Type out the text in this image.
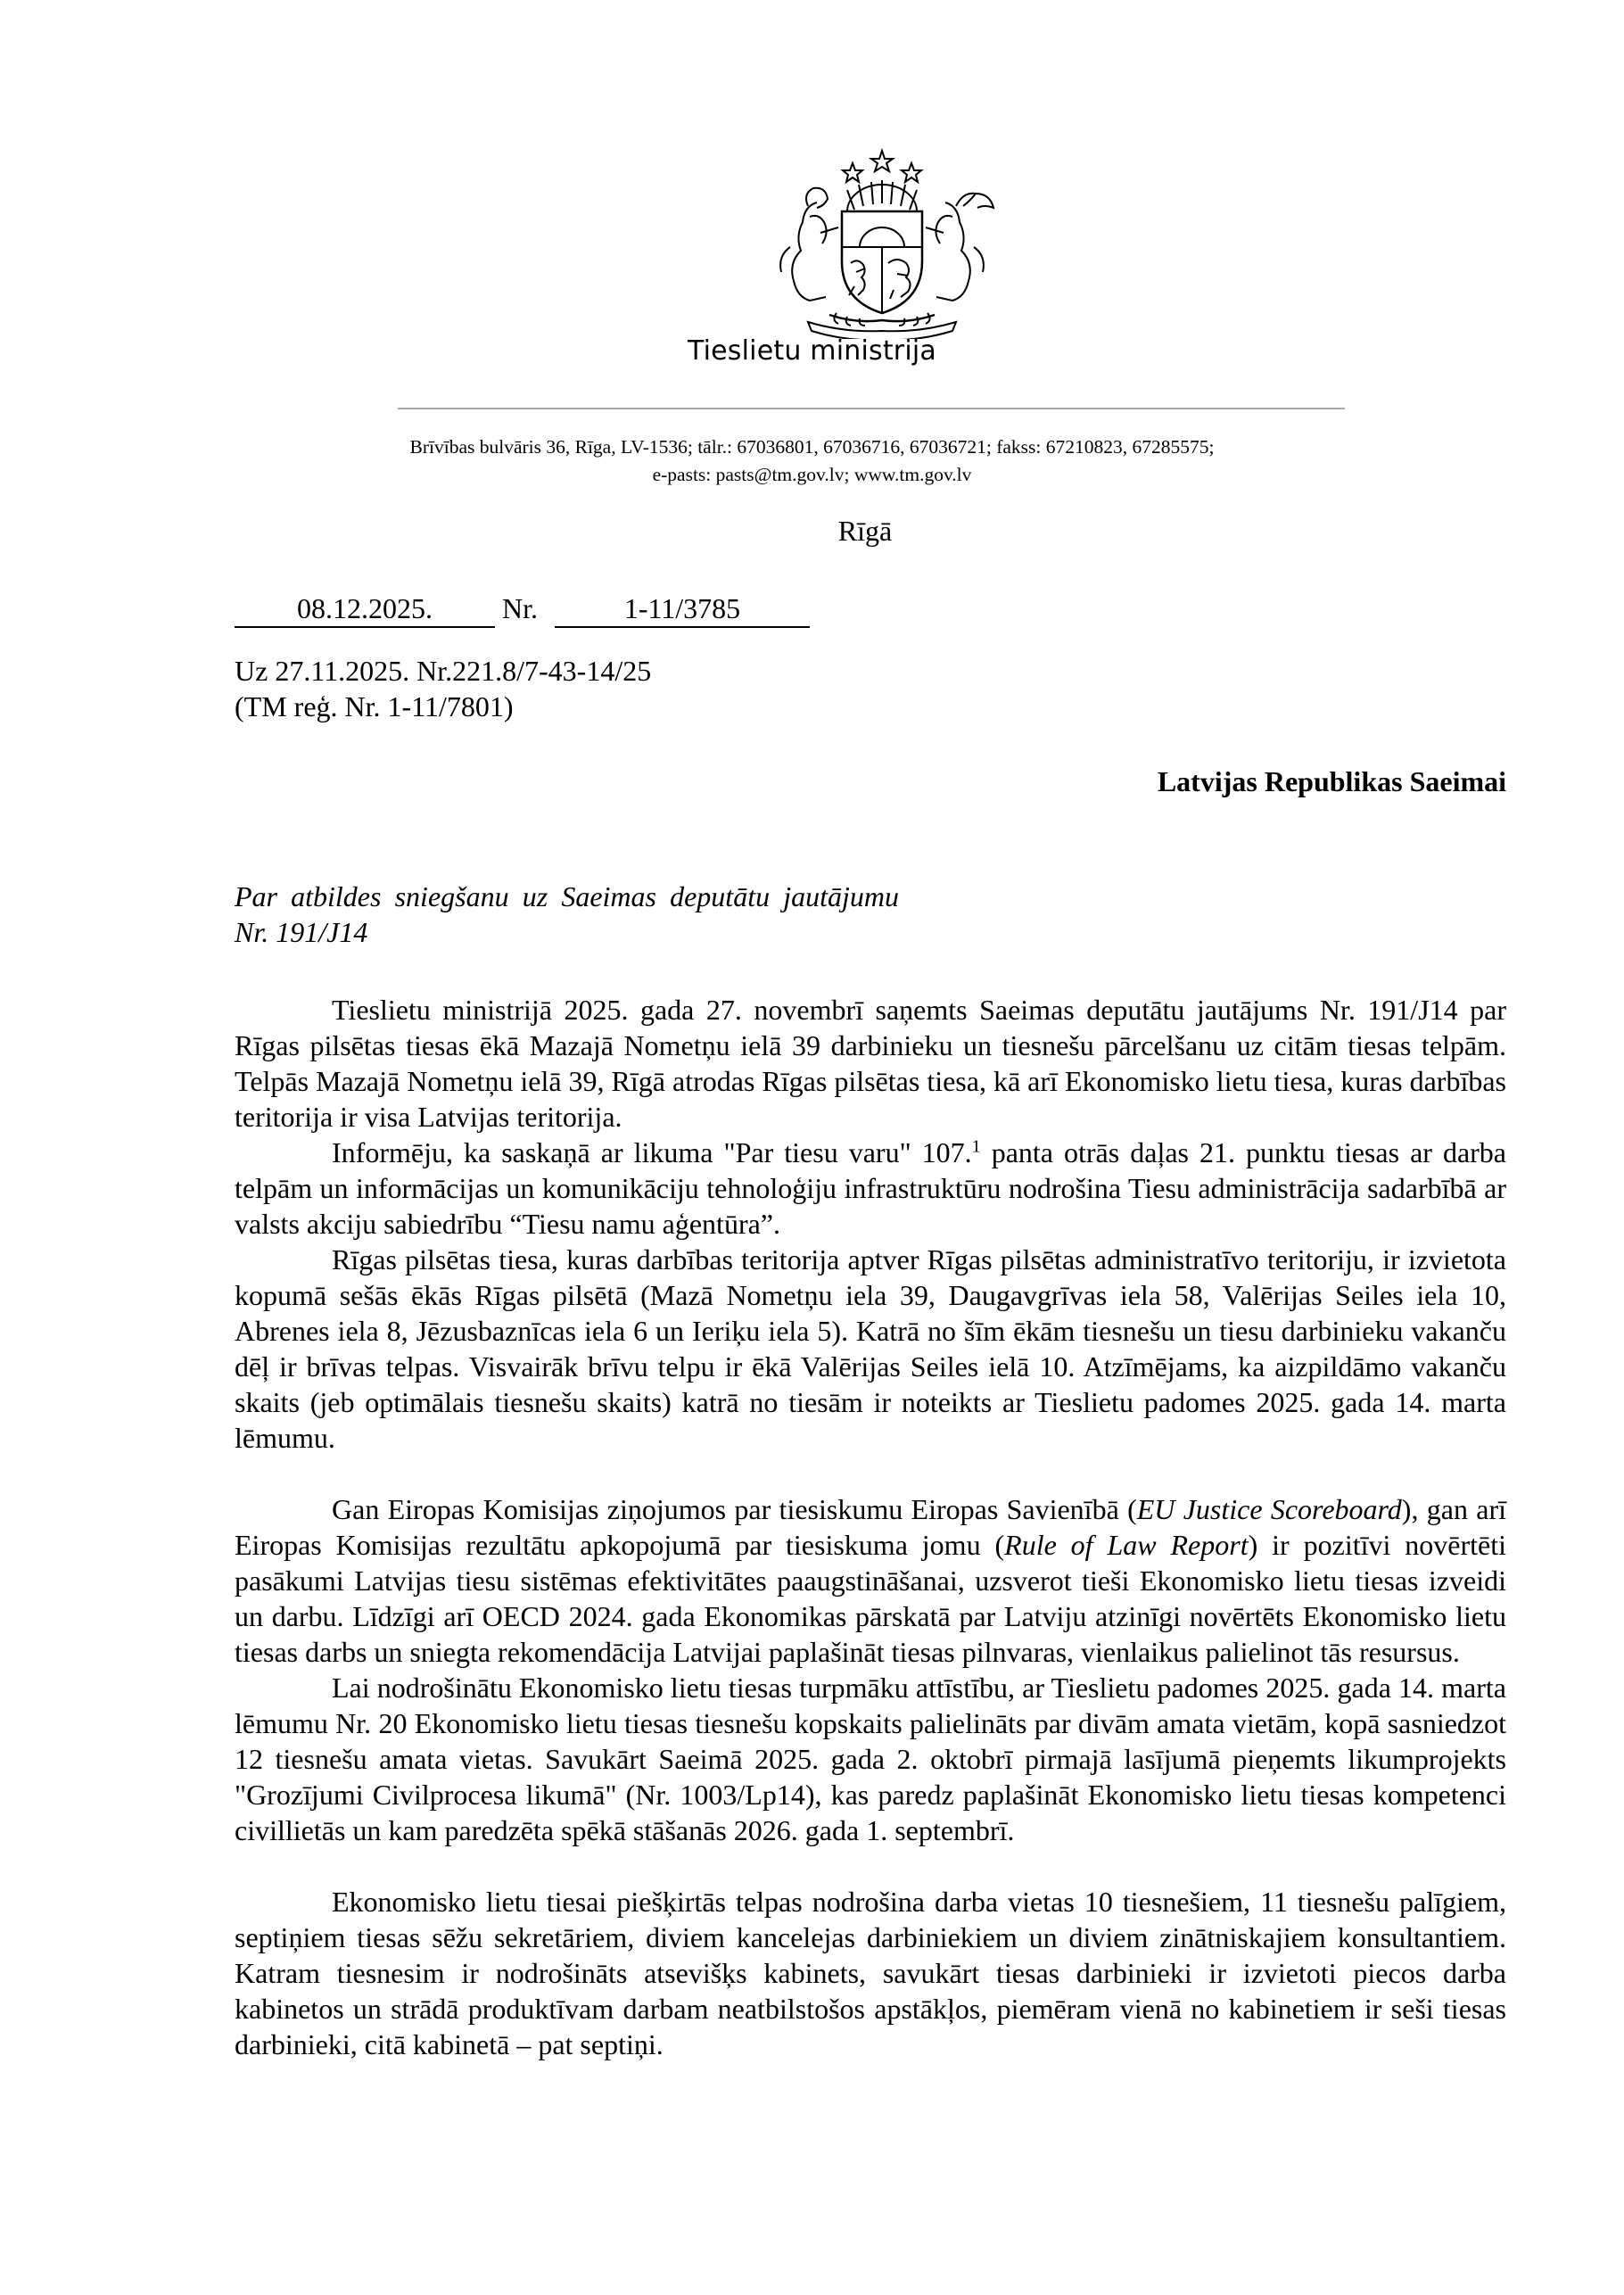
Tieslietu ministrija
Brīvības bulvāris 36, Rīga, LV-1536; tālr.: 67036801, 67036716, 67036721; fakss: 67210823, 67285575;
e-pasts: pasts@tm.gov.lv; www.tm.gov.lv
Rīgā
08.12.2025.	Nr.	1-11/3785
Uz 27.11.2025. Nr.221.8/7-43-14/25
(TM reģ. Nr. 1-11/7801)
Latvijas Republikas Saeimai
Par atbildes sniegšanu uz Saeimas deputātu jautājumu Nr. 191/J14

Tieslietu ministrijā 2025. gada 27. novembrī saņemts Saeimas deputātu jautājums Nr. 191/J14 par Rīgas pilsētas tiesas ēkā Mazajā Nometņu ielā 39 darbinieku un tiesnešu pārcelšanu uz citām tiesas telpām. Telpās Mazajā Nometņu ielā 39, Rīgā atrodas Rīgas pilsētas tiesa, kā arī Ekonomisko lietu tiesa, kuras darbības teritorija ir visa Latvijas teritorija.

Informēju, ka saskaņā ar likuma "Par tiesu varu" 107.$^1$ panta otrās daļas 21. punktu tiesas ar darba telpām un informācijas un komunikāciju tehnoloģiju infrastruktūru nodrošina Tiesu administrācija sadarbībā ar valsts akciju sabiedrību “Tiesu namu aģentūra”.

Rīgas pilsētas tiesa, kuras darbības teritorija aptver Rīgas pilsētas administratīvo teritoriju, ir izvietota kopumā sešās ēkās Rīgas pilsētā (Mazā Nometņu iela 39, Daugavgrīvas iela 58, Valērijas Seiles iela 10, Abrenes iela 8, Jēzusbaznīcas iela 6 un Ieriķu iela 5). Katrā no šīm ēkām tiesnešu un tiesu darbinieku vakanču dēļ ir brīvas telpas. Visvairāk brīvu telpu ir ēkā Valērijas Seiles ielā 10. Atzīmējams, ka aizpildāmo vakanču skaits (jeb optimālais tiesnešu skaits) katrā no tiesām ir noteikts ar Tieslietu padomes 2025. gada 14. marta lēmumu.

Gan Eiropas Komisijas ziņojumos par tiesiskumu Eiropas Savienībā (EU Justice Scoreboard), gan arī Eiropas Komisijas rezultātu apkopojumā par tiesiskuma jomu (Rule of Law Report) ir pozitīvi novērtēti pasākumi Latvijas tiesu sistēmas efektivitātes paaugstināšanai, uzsverot tieši Ekonomisko lietu tiesas izveidi un darbu. Līdzīgi arī OECD 2024. gada Ekonomikas pārskatā par Latviju atzinīgi novērtēts Ekonomisko lietu tiesas darbs un sniegta rekomendācija Latvijai paplašināt tiesas pilnvaras, vienlaikus palielinot tās resursus.

Lai nodrošinātu Ekonomisko lietu tiesas turpmāku attīstību, ar Tieslietu padomes 2025. gada 14. marta lēmumu Nr. 20 Ekonomisko lietu tiesas tiesnešu kopskaits palielināts par divām amata vietām, kopā sasniedzot 12 tiesnešu amata vietas. Savukārt Saeimā 2025. gada 2. oktobrī pirmajā lasījumā pieņemts likumprojekts "Grozījumi Civilprocesa likumā" (Nr. 1003/Lp14), kas paredz paplašināt Ekonomisko lietu tiesas kompetenci civillietās un kam paredzēta spēkā stāšanās 2026. gada 1. septembrī.

Ekonomisko lietu tiesai piešķirtās telpas nodrošina darba vietas 10 tiesnešiem, 11 tiesnešu palīgiem, septiņiem tiesas sēžu sekretāriem, diviem kancelejas darbiniekiem un diviem zinātniskajiem konsultantiem. Katram tiesnesim ir nodrošināts atsevišķs kabinets, savukārt tiesas darbinieki ir izvietoti piecos darba kabinetos un strādā produktīvam darbam neatbilstošos apstākļos, piemēram vienā no kabinetiem ir seši tiesas darbinieki, citā kabinetā – pat septiņi.
